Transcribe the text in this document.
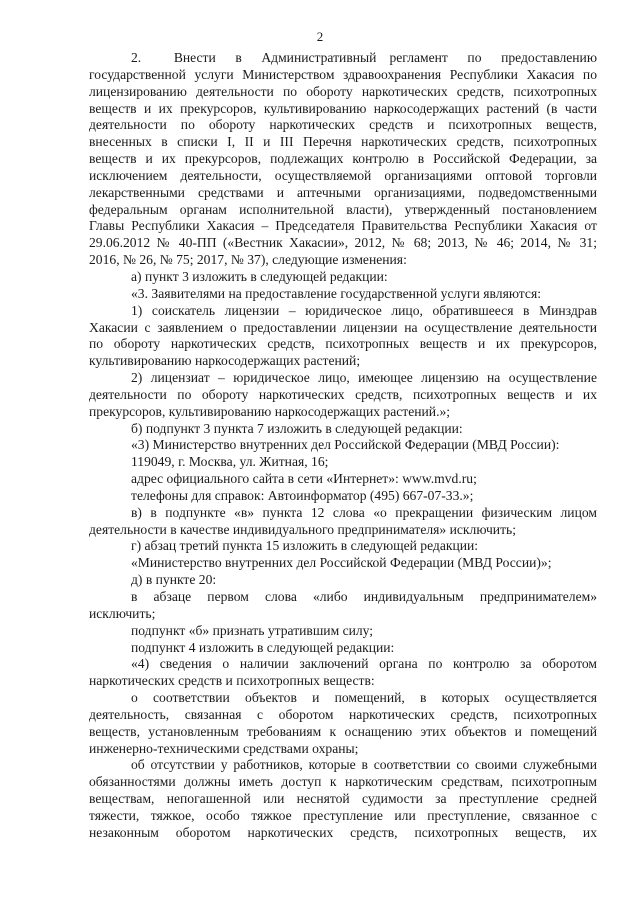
2

2.     Внести   в   Административный  регламент   по   предоставлению
государственной услуги Министерством здравоохранения Республики Хакасия по
лицензированию деятельности по обороту наркотических средств, психотропных
веществ и их прекурсоров, культивированию наркосодержащих растений (в части
деятельности по обороту наркотических средств и психотропных веществ,
внесенных в списки I, II и III Перечня наркотических средств, психотропных
веществ и их прекурсоров, подлежащих контролю в Российской Федерации, за
исключением деятельности, осуществляемой организациями оптовой торговли
лекарственными средствами и аптечными организациями, подведомственными
федеральным органам исполнительной власти), утвержденный постановлением
Главы Республики Хакасия – Председателя Правительства Республики Хакасия от
29.06.2012 № 40-ПП («Вестник Хакасии», 2012, № 68; 2013, № 46; 2014, № 31;
2016, № 26, № 75; 2017, № 37), следующие изменения:

а) пункт 3 изложить в следующей редакции:

«3. Заявителями на предоставление государственной услуги являются:

1) соискатель лицензии – юридическое лицо, обратившееся в Минздрав
Хакасии с заявлением о предоставлении лицензии на осуществление деятельности
по обороту наркотических средств, психотропных веществ и их прекурсоров,
культивированию наркосодержащих растений;

2) лицензиат – юридическое лицо, имеющее лицензию на осуществление
деятельности по обороту наркотических средств, психотропных веществ и их
прекурсоров, культивированию наркосодержащих растений.»;

б) подпункт 3 пункта 7 изложить в следующей редакции:

«3) Министерство внутренних дел Российской Федерации (МВД России):

119049, г. Москва, ул. Житная, 16;

адрес официального сайта в сети «Интернет»: www.mvd.ru;

телефоны для справок: Автоинформатор (495) 667-07-33.»;

в) в подпункте «в» пункта 12 слова «о прекращении физическим лицом
деятельности в качестве индивидуального предпринимателя» исключить;

г) абзац третий пункта 15 изложить в следующей редакции:

«Министерство внутренних дел Российской Федерации (МВД России)»;

д) в пункте 20:

в   абзаце   первом   слова   «либо   индивидуальным   предпринимателем»
исключить;

подпункт «б» признать утратившим силу;

подпункт 4 изложить в следующей редакции:

«4) сведения о наличии заключений органа по контролю за оборотом
наркотических средств и психотропных веществ:

о соответствии объектов и помещений, в которых осуществляется
деятельность, связанная с оборотом наркотических средств, психотропных
веществ, установленным требованиям к оснащению этих объектов и помещений
инженерно-техническими средствами охраны;

об отсутствии у работников, которые в соответствии со своими служебными
обязанностями должны иметь доступ к наркотическим средствам, психотропным
веществам, непогашенной или неснятой судимости за преступление средней
тяжести, тяжкое, особо тяжкое преступление или преступление, связанное с
незаконным оборотом наркотических средств, психотропных веществ, их
